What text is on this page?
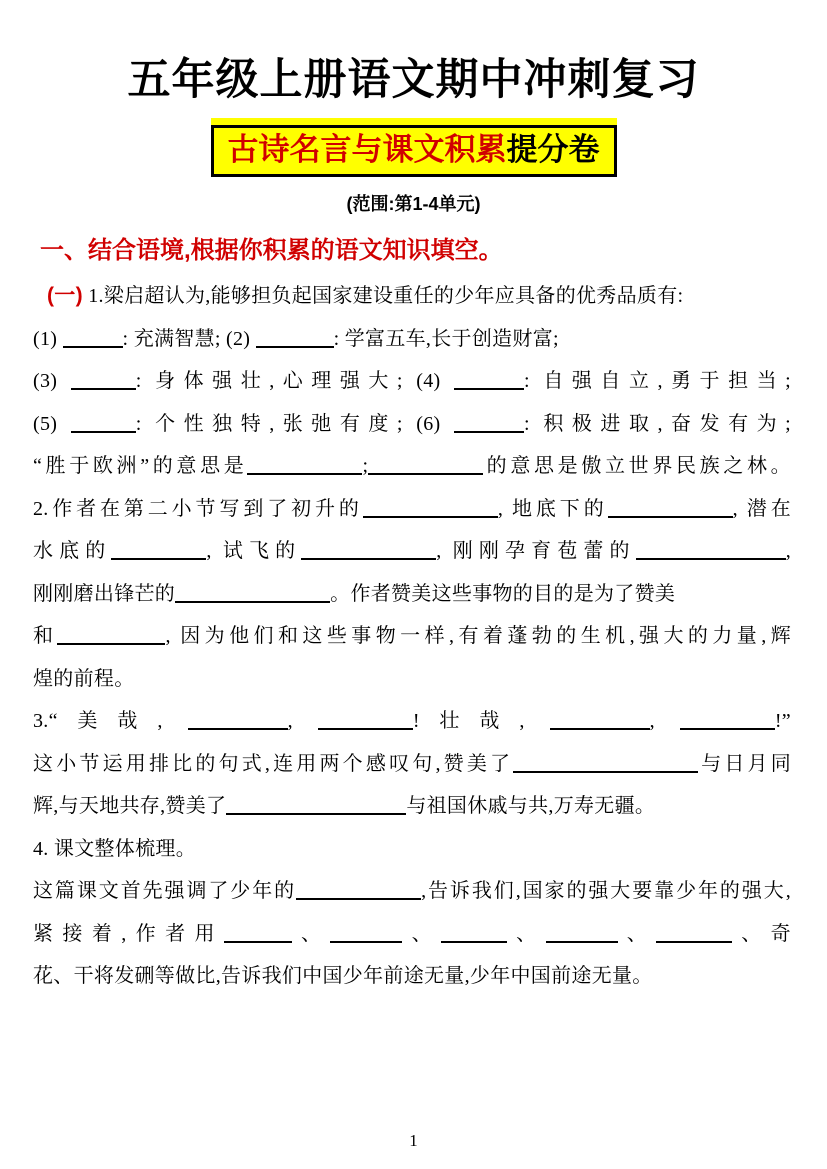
五年级上册语文期中冲刺复习
古诗名言与课文积累提分卷
(范围:第1-4单元)
一、结合语境,根据你积累的语文知识填空。
(一) 1.梁启超认为,能够担负起国家建设重任的少年应具备的优秀品质有:
(1)	: 充满智慧; (2)	: 学富五车,长于创造财富;
(3)	: 身体强壮,心理强大; (4)	: 自强自立,勇于担当;
(5)	: 个性独特,张弛有度; (6)	: 积极进取,奋发有为;
“胜于欧洲”的意思是	;	的意思是傲立世界民族之林。
2.作者在第二小节写到了初升的	, 地底下的	, 潜在
水底的	, 试飞的	, 刚刚孕育苞蕾的	,
刚刚磨出锋芒的	。作者赞美这些事物的目的是为了赞美
和	, 因为他们和这些事物一样,有着蓬勃的生机,强大的力量,辉
煌的前程。
3.“美哉,	,	!壮哉,	,	!”
这小节运用排比的句式,连用两个感叹句,赞美了	与日月同
辉,与天地共存,赞美了	与祖国休戚与共,万寿无疆。
4. 课文整体梳理。
这篇课文首先强调了少年的	,告诉我们,国家的强大要靠少年的强大,
紧接着,作者用	、	、	、	、	、奇
花、干将发硎等做比,告诉我们中国少年前途无量,少年中国前途无量。
1
